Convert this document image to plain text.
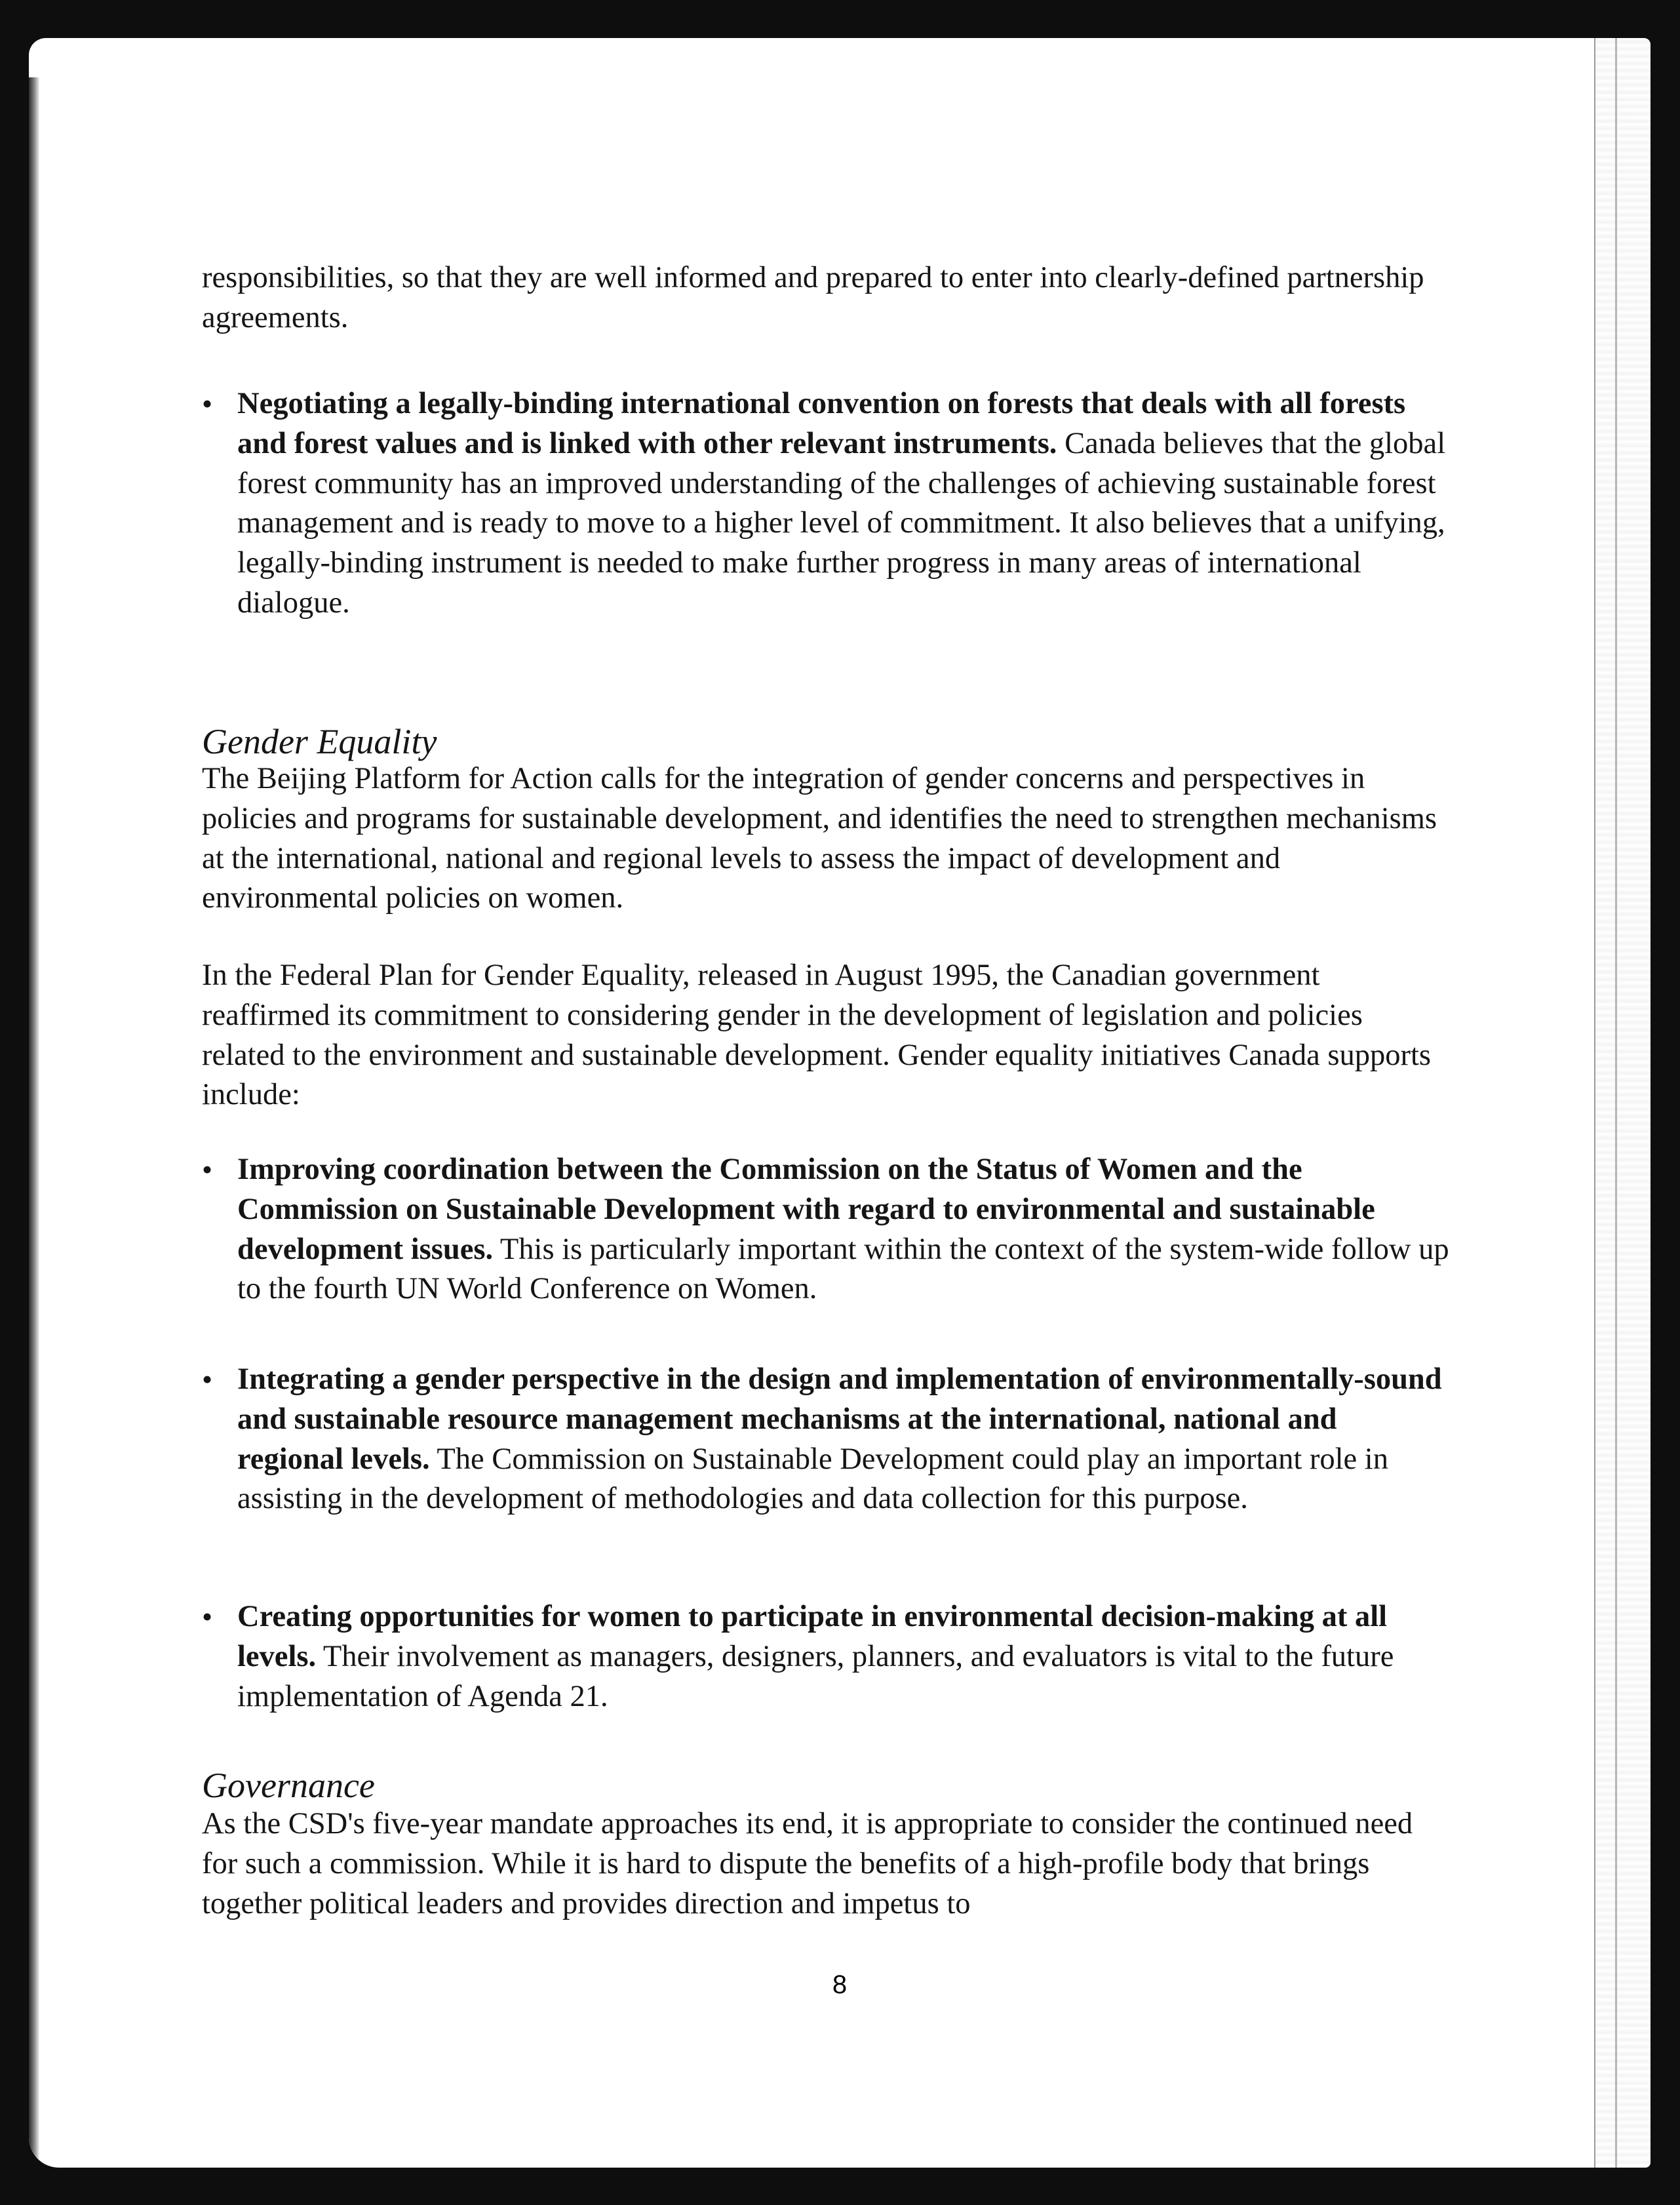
responsibilities, so that they are well informed and prepared to enter into clearly-defined partnership agreements.

• Negotiating a legally-binding international convention on forests that deals with all forests and forest values and is linked with other relevant instruments. Canada believes that the global forest community has an improved understanding of the challenges of achieving sustainable forest management and is ready to move to a higher level of commitment. It also believes that a unifying, legally-binding instrument is needed to make further progress in many areas of international dialogue.
Gender Equality

The Beijing Platform for Action calls for the integration of gender concerns and perspectives in policies and programs for sustainable development, and identifies the need to strengthen mechanisms at the international, national and regional levels to assess the impact of development and environmental policies on women.

In the Federal Plan for Gender Equality, released in August 1995, the Canadian government reaffirmed its commitment to considering gender in the development of legislation and policies related to the environment and sustainable development. Gender equality initiatives Canada supports include:

• Improving coordination between the Commission on the Status of Women and the Commission on Sustainable Development with regard to environmental and sustainable development issues. This is particularly important within the context of the system-wide follow up to the fourth UN World Conference on Women.
• Integrating a gender perspective in the design and implementation of environmentally-sound and sustainable resource management mechanisms at the international, national and regional levels. The Commission on Sustainable Development could play an important role in assisting in the development of methodologies and data collection for this purpose.
• Creating opportunities for women to participate in environmental decision-making at all levels. Their involvement as managers, designers, planners, and evaluators is vital to the future implementation of Agenda 21.
Governance

As the CSD's five-year mandate approaches its end, it is appropriate to consider the continued need for such a commission. While it is hard to dispute the benefits of a high-profile body that brings together political leaders and provides direction and impetus to

8
